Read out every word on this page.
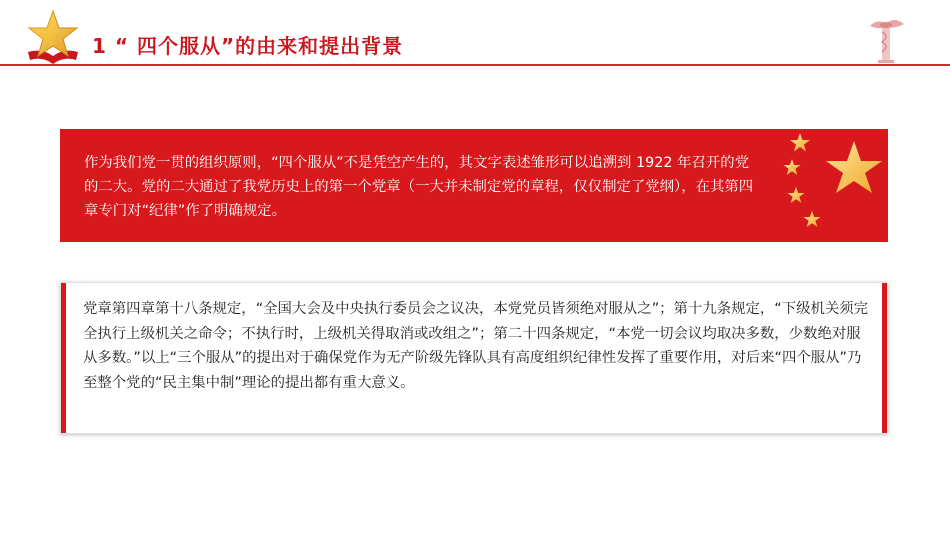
1 “ 四个服从”的由来和提出背景
作为我们党一贯的组织原则，“四个服从”不是凭空产生的，其文字表述雏形可以追溯到 1922 年召开的党的二大。党的二大通过了我党历史上的第一个党章（一大并未制定党的章程，仅仅制定了党纲），在其第四章专门对“纪律”作了明确规定。
党章第四章第十八条规定，“全国大会及中央执行委员会之议决，本党党员皆须绝对服从之”；第十九条规定，“下级机关须完全执行上级机关之命令；不执行时，上级机关得取消或改组之”；第二十四条规定，“本党一切会议均取决多数，少数绝对服从多数。”以上“三个服从”的提出对于确保党作为无产阶级先锋队具有高度组织纪律性发挥了重要作用，对后来“四个服从”乃至整个党的“民主集中制”理论的提出都有重大意义。
